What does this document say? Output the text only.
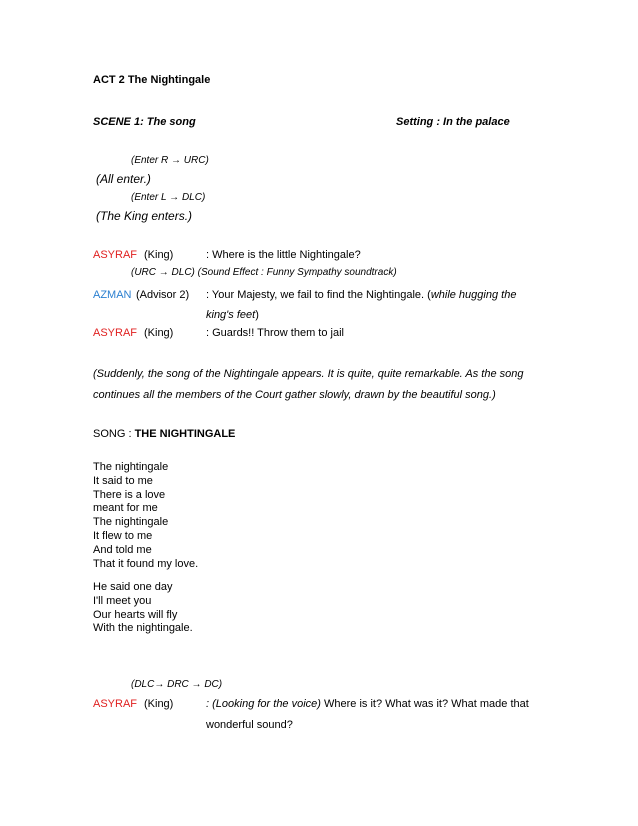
ACT 2 The Nightingale
SCENE 1: The song	Setting : In the palace
(Enter R → URC)
(All enter.)
(Enter L → DLC)
(The King enters.)
ASYRAF (King)	: Where is the little Nightingale?
(URC → DLC) (Sound Effect : Funny Sympathy soundtrack)
AZMAN (Advisor 2) : Your Majesty, we fail to find the Nightingale. (while hugging the
king's feet)
ASYRAF (King)	: Guards!! Throw them to jail
(Suddenly, the song of the Nightingale appears. It is quite, quite remarkable. As the song
continues all the members of the Court gather slowly, drawn by the beautiful song.)
SONG : THE NIGHTINGALE
The nightingale
It said to me
There is a love
meant for me
The nightingale
It flew to me
And told me
That it found my love.
He said one day
I'll meet you
Our hearts will fly
With the nightingale.
(DLC→ DRC → DC)
ASYRAF (King)	: (Looking for the voice) Where is it? What was it? What made that
wonderful sound?
